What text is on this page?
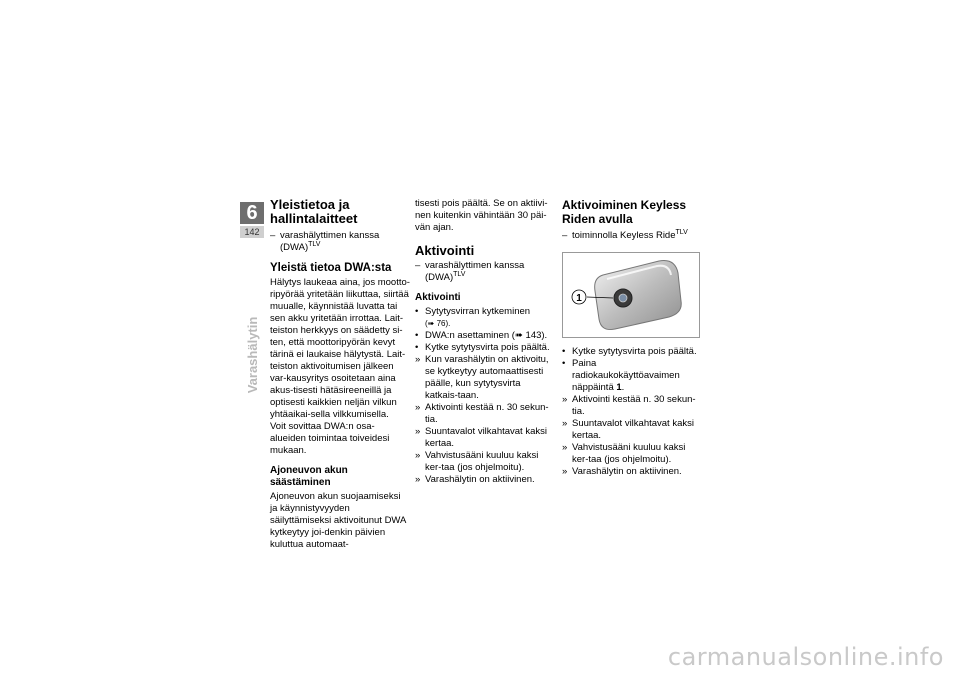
6
142
Varashälytin
Yleistietoa ja hallintalaitteet
– varashälyttimen kanssa (DWA)$^{TLV}$
Yleistä tietoa DWA:sta

Hälytys laukeaa aina, jos mootto-ripyörää yritetään liikuttaa, siirtää muualle, käynnistää luvatta tai sen akku yritetään irrottaa. Lait-teiston herkkyys on säädetty si-ten, että moottoripyörän kevyt tärinä ei laukaise hälytystä. Lait-teiston aktivoitumisen jälkeen var-kausyritys osoitetaan aina akus-tisesti hätäsireeneillä ja optisesti kaikkien neljän vilkun yhtäaikai-sella vilkkumisella.

Voit sovittaa DWA:n osa-alueiden toimintaa toiveidesi mukaan.

Ajoneuvon akun säästäminen

Ajoneuvon akun suojaamiseksi ja käynnistyvyyden säilyttämiseksi aktivoitunut DWA kytkeytyy joi-denkin päivien kuluttua automaat-

tisesti pois päältä. Se on aktiivi-nen kuitenkin vähintään 30 päi-vän ajan.

Aktivointi
– varashälyttimen kanssa (DWA)$^{TLV}$
Aktivointi
• Sytytysvirran kytkeminen
(➠ 76).
• DWA:n asettaminen (➠ 143).
• Kytke sytytysvirta pois päältä.
» Kun varashälytin on aktivoitu, se kytkeytyy automaattisesti päälle, kun sytytysvirta katkais-taan.
» Aktivointi kestää n. 30 sekun-tia.
» Suuntavalot vilkahtavat kaksi kertaa.
» Vahvistusääni kuuluu kaksi ker-taa (jos ohjelmoitu).
» Varashälytin on aktiivinen.
Aktivoiminen Keyless Riden avulla
– toiminnolla Keyless Ride$^{TLV}$
1
• Kytke sytytysvirta pois päältä.
• Paina radiokaukokäyttöavaimen näppäintä 1.
» Aktivointi kestää n. 30 sekun-tia.
» Suuntavalot vilkahtavat kaksi kertaa.
» Vahvistusääni kuuluu kaksi ker-taa (jos ohjelmoitu).
» Varashälytin on aktiivinen.
carmanualsonline.info
